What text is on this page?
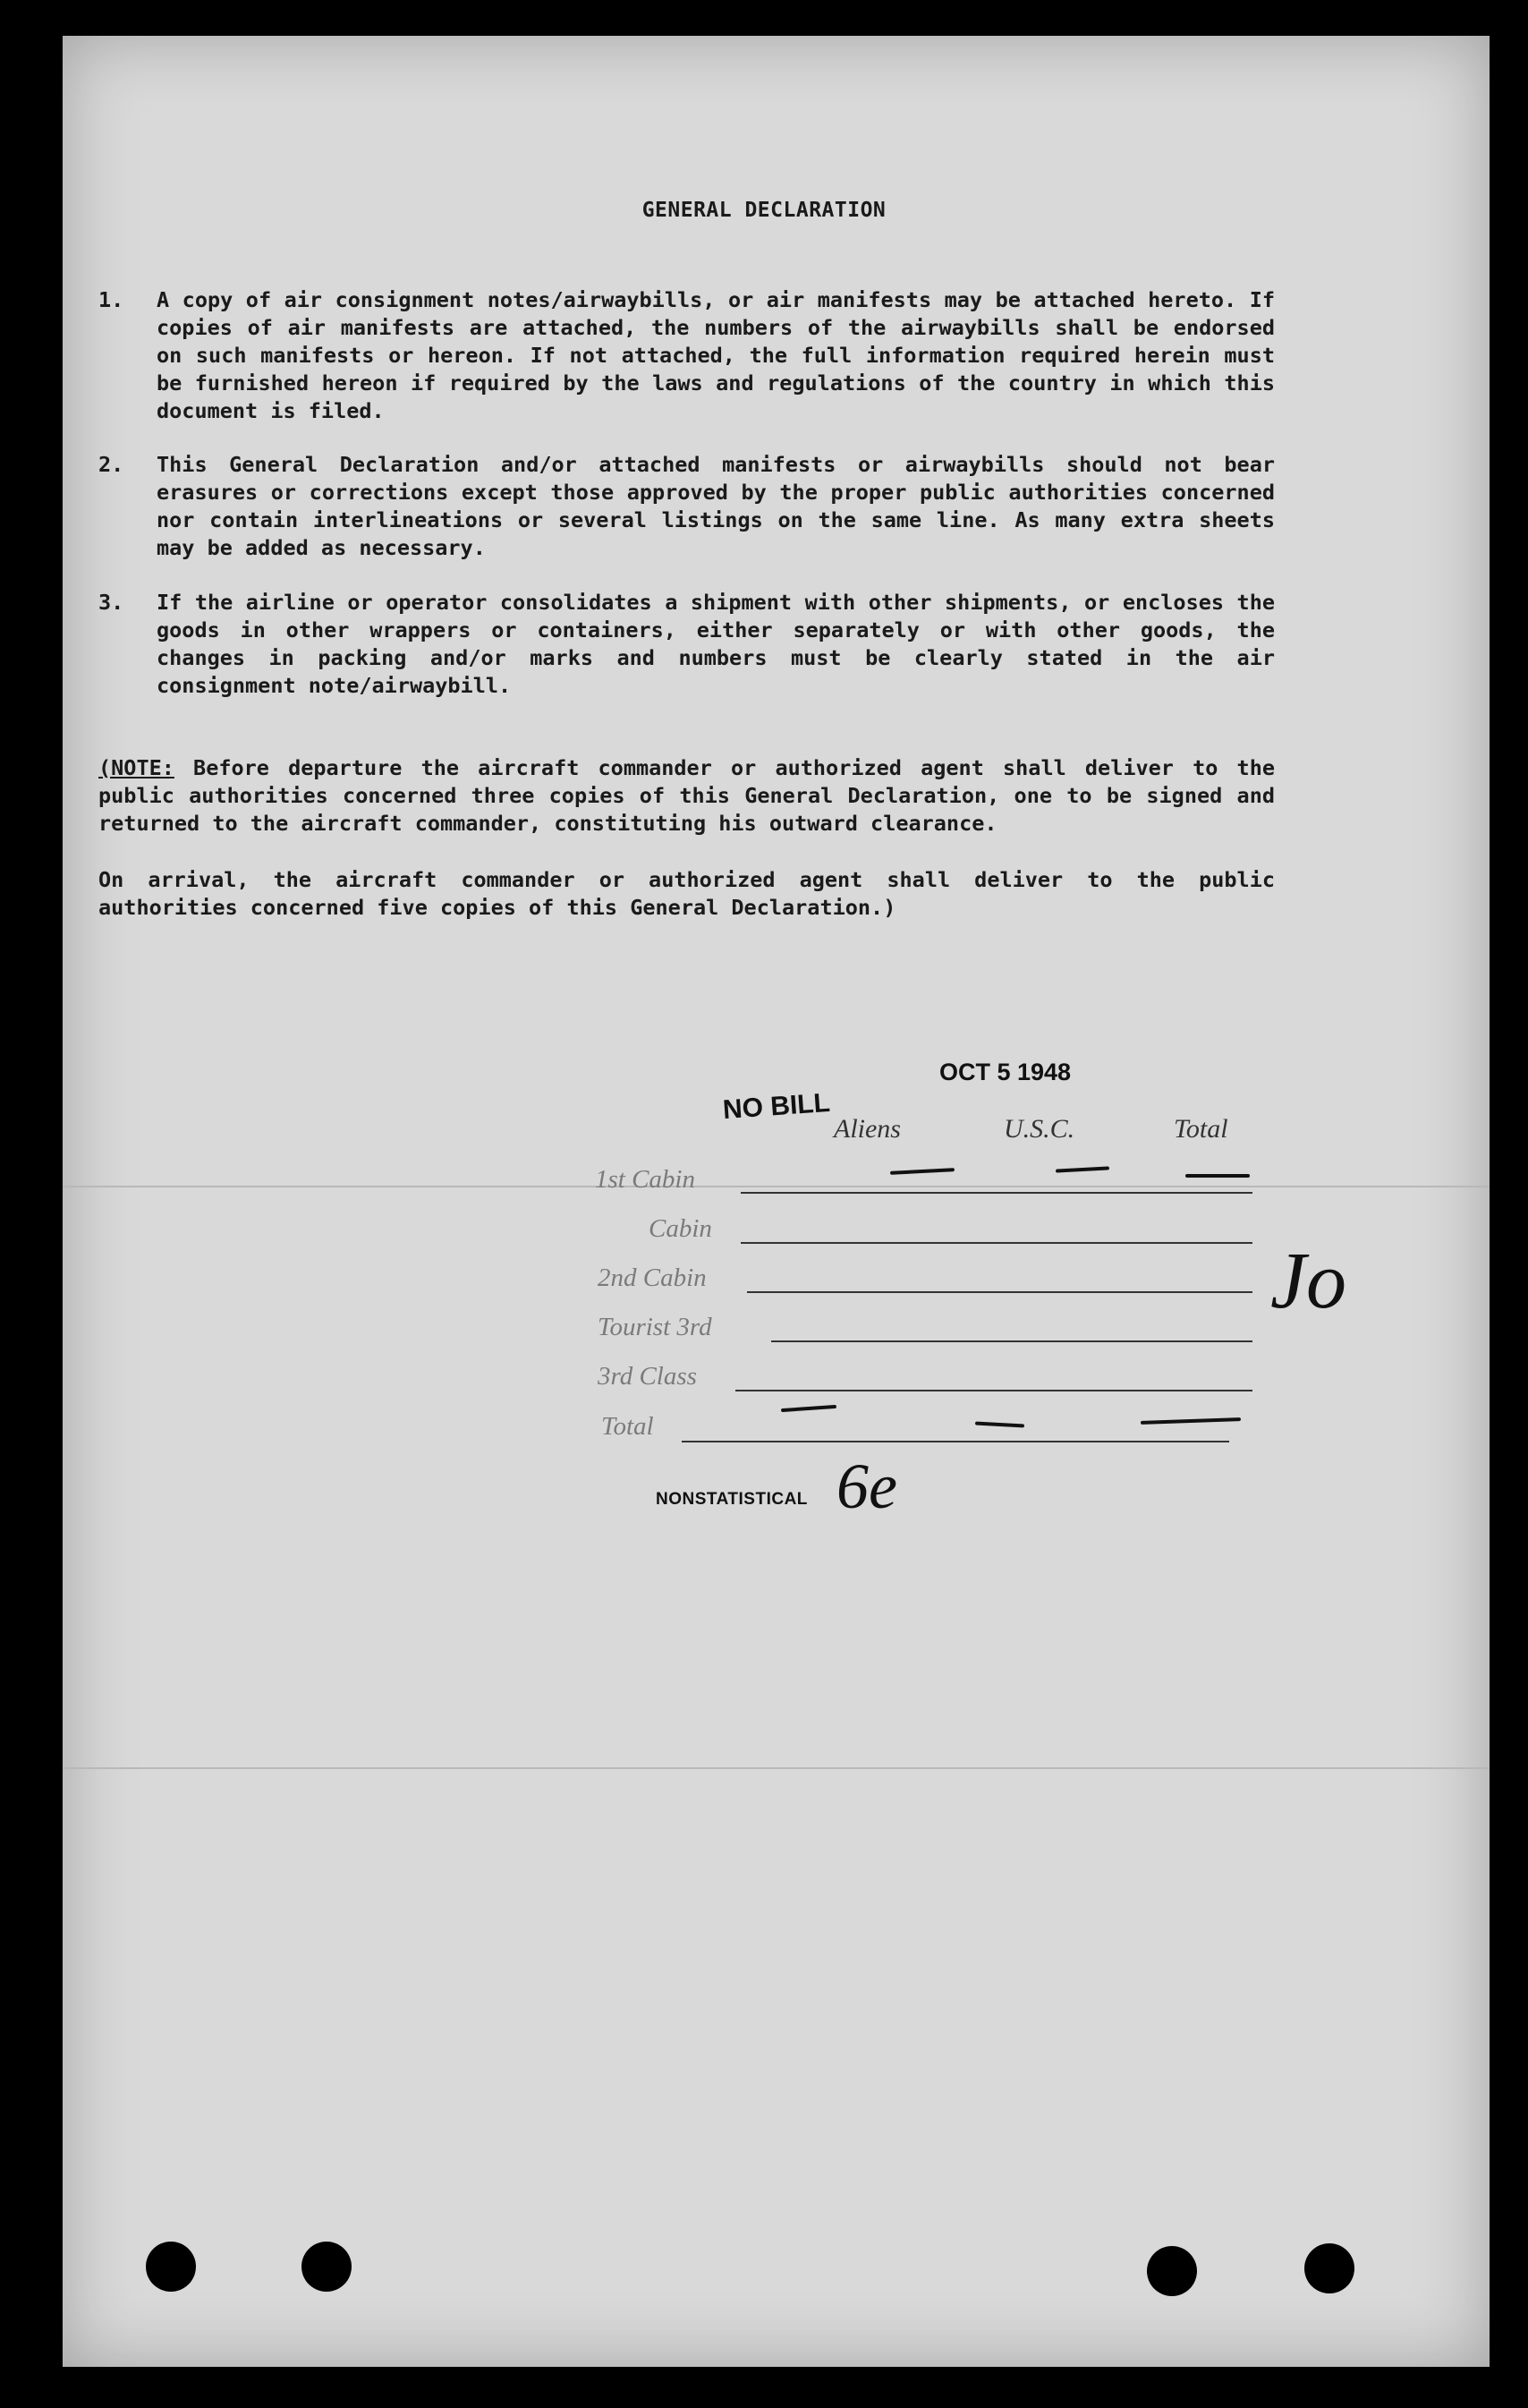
GENERAL DECLARATION
1. A copy of air consignment notes/airwaybills, or air manifests may be attached hereto. If copies of air manifests are attached, the numbers of the airwaybills shall be endorsed on such manifests or hereon. If not attached, the full information required herein must be furnished hereon if required by the laws and regulations of the country in which this document is filed.
2. This General Declaration and/or attached manifests or airwaybills should not bear erasures or corrections except those approved by the proper public authorities concerned nor contain interlineations or several listings on the same line. As many extra sheets may be added as necessary.
3. If the airline or operator consolidates a shipment with other shipments, or encloses the goods in other wrappers or containers, either separately or with other goods, the changes in packing and/or marks and numbers must be clearly stated in the air consignment note/airwaybill.
(NOTE: Before departure the aircraft commander or authorized agent shall deliver to the public authorities concerned three copies of this General Declaration, one to be signed and returned to the aircraft commander, constituting his outward clearance.
On arrival, the aircraft commander or authorized agent shall deliver to the public authorities concerned five copies of this General Declaration.)
OCT 5 1948
NO BILL
NONSTATISTICAL
Aliens	U.S.C.	Total
1st Cabin
Cabin
2nd Cabin
Tourist 3rd
3rd Class
Total
Jo
6e
